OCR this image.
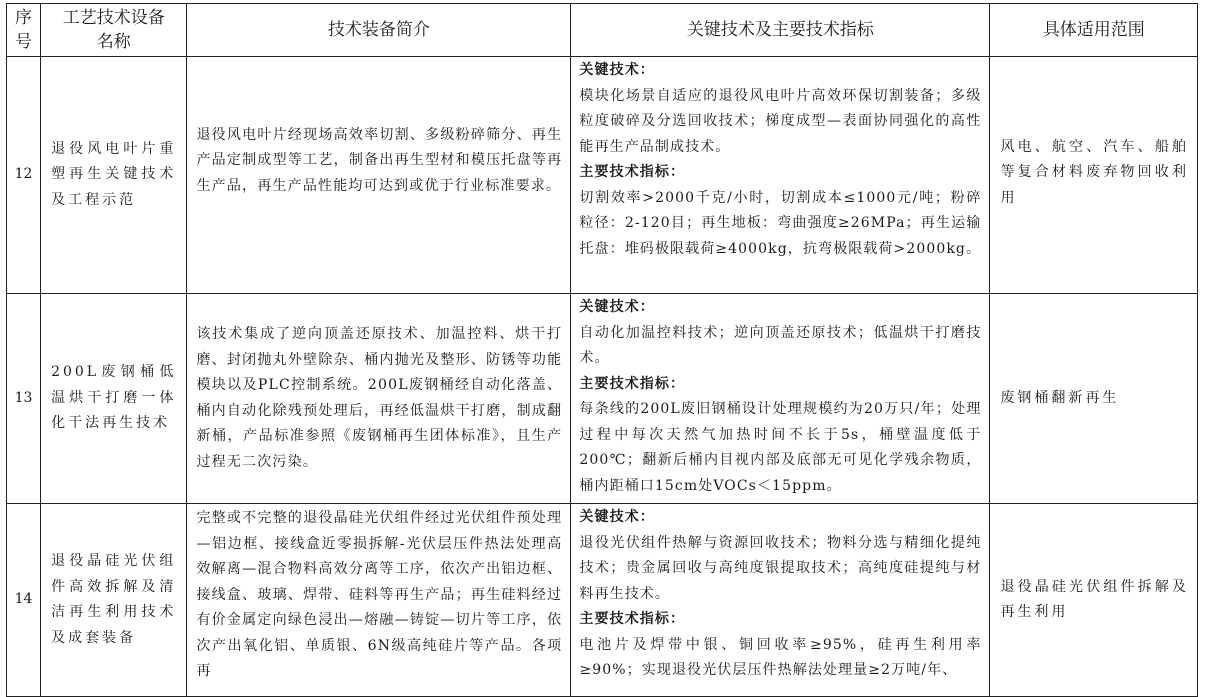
序号	工艺技术设备名称	技术装备简介	关键技术及主要技术指标	具体适用范围
12	退役风电叶片重塑再生关键技术及工程示范	退役风电叶片经现场高效率切割、多级粉碎筛分、再生产品定制成型等工艺，制备出再生型材和模压托盘等再生产品，再生产品性能均可达到或优于行业标准要求。	关键技术：
模块化场景自适应的退役风电叶片高效环保切割装备；多级粒度破碎及分选回收技术；梯度成型—表面协同强化的高性能再生产品制成技术。
主要技术指标：
切割效率>2000千克/小时，切割成本≤1000元/吨；粉碎粒径：2-120目；再生地板：弯曲强度≥26MPa；再生运输托盘：堆码极限载荷≥4000kg，抗弯极限载荷>2000kg。	风电、航空、汽车、船舶等复合材料废弃物回收利用
13	200L废钢桶低温烘干打磨一体化干法再生技术	该技术集成了逆向顶盖还原技术、加温控料、烘干打磨、封闭抛丸外壁除杂、桶内抛光及整形、防锈等功能模块以及PLC控制系统。200L废钢桶经自动化落盖、桶内自动化除残预处理后，再经低温烘干打磨，制成翻新桶，产品标准参照《废钢桶再生团体标准》，且生产过程无二次污染。	关键技术：
自动化加温控料技术；逆向顶盖还原技术；低温烘干打磨技术。
主要技术指标：
每条线的200L废旧钢桶设计处理规模约为20万只/年；处理过程中每次天然气加热时间不长于5s，桶壁温度低于200℃；翻新后桶内目视内部及底部无可见化学残余物质，桶内距桶口15cm处VOCs＜15ppm。	废钢桶翻新再生
14	退役晶硅光伏组件高效拆解及清洁再生利用技术及成套装备	完整或不完整的退役晶硅光伏组件经过光伏组件预处理—铝边框、接线盒近零损拆解-光伏层压件热法处理高效解离—混合物料高效分离等工序，依次产出铝边框、接线盒、玻璃、焊带、硅料等再生产品；再生硅料经过有价金属定向绿色浸出—熔融—铸锭—切片等工序，依次产出氧化铝、单质银、6N级高纯硅片等产品。各项再	关键技术：
退役光伏组件热解与资源回收技术；物料分选与精细化提纯技术；贵金属回收与高纯度银提取技术；高纯度硅提纯与材料再生技术。
主要技术指标：
电池片及焊带中银、铜回收率≥95%，硅再生利用率≥90%；实现退役光伏层压件热解法处理量≥2万吨/年、	退役晶硅光伏组件拆解及再生利用
